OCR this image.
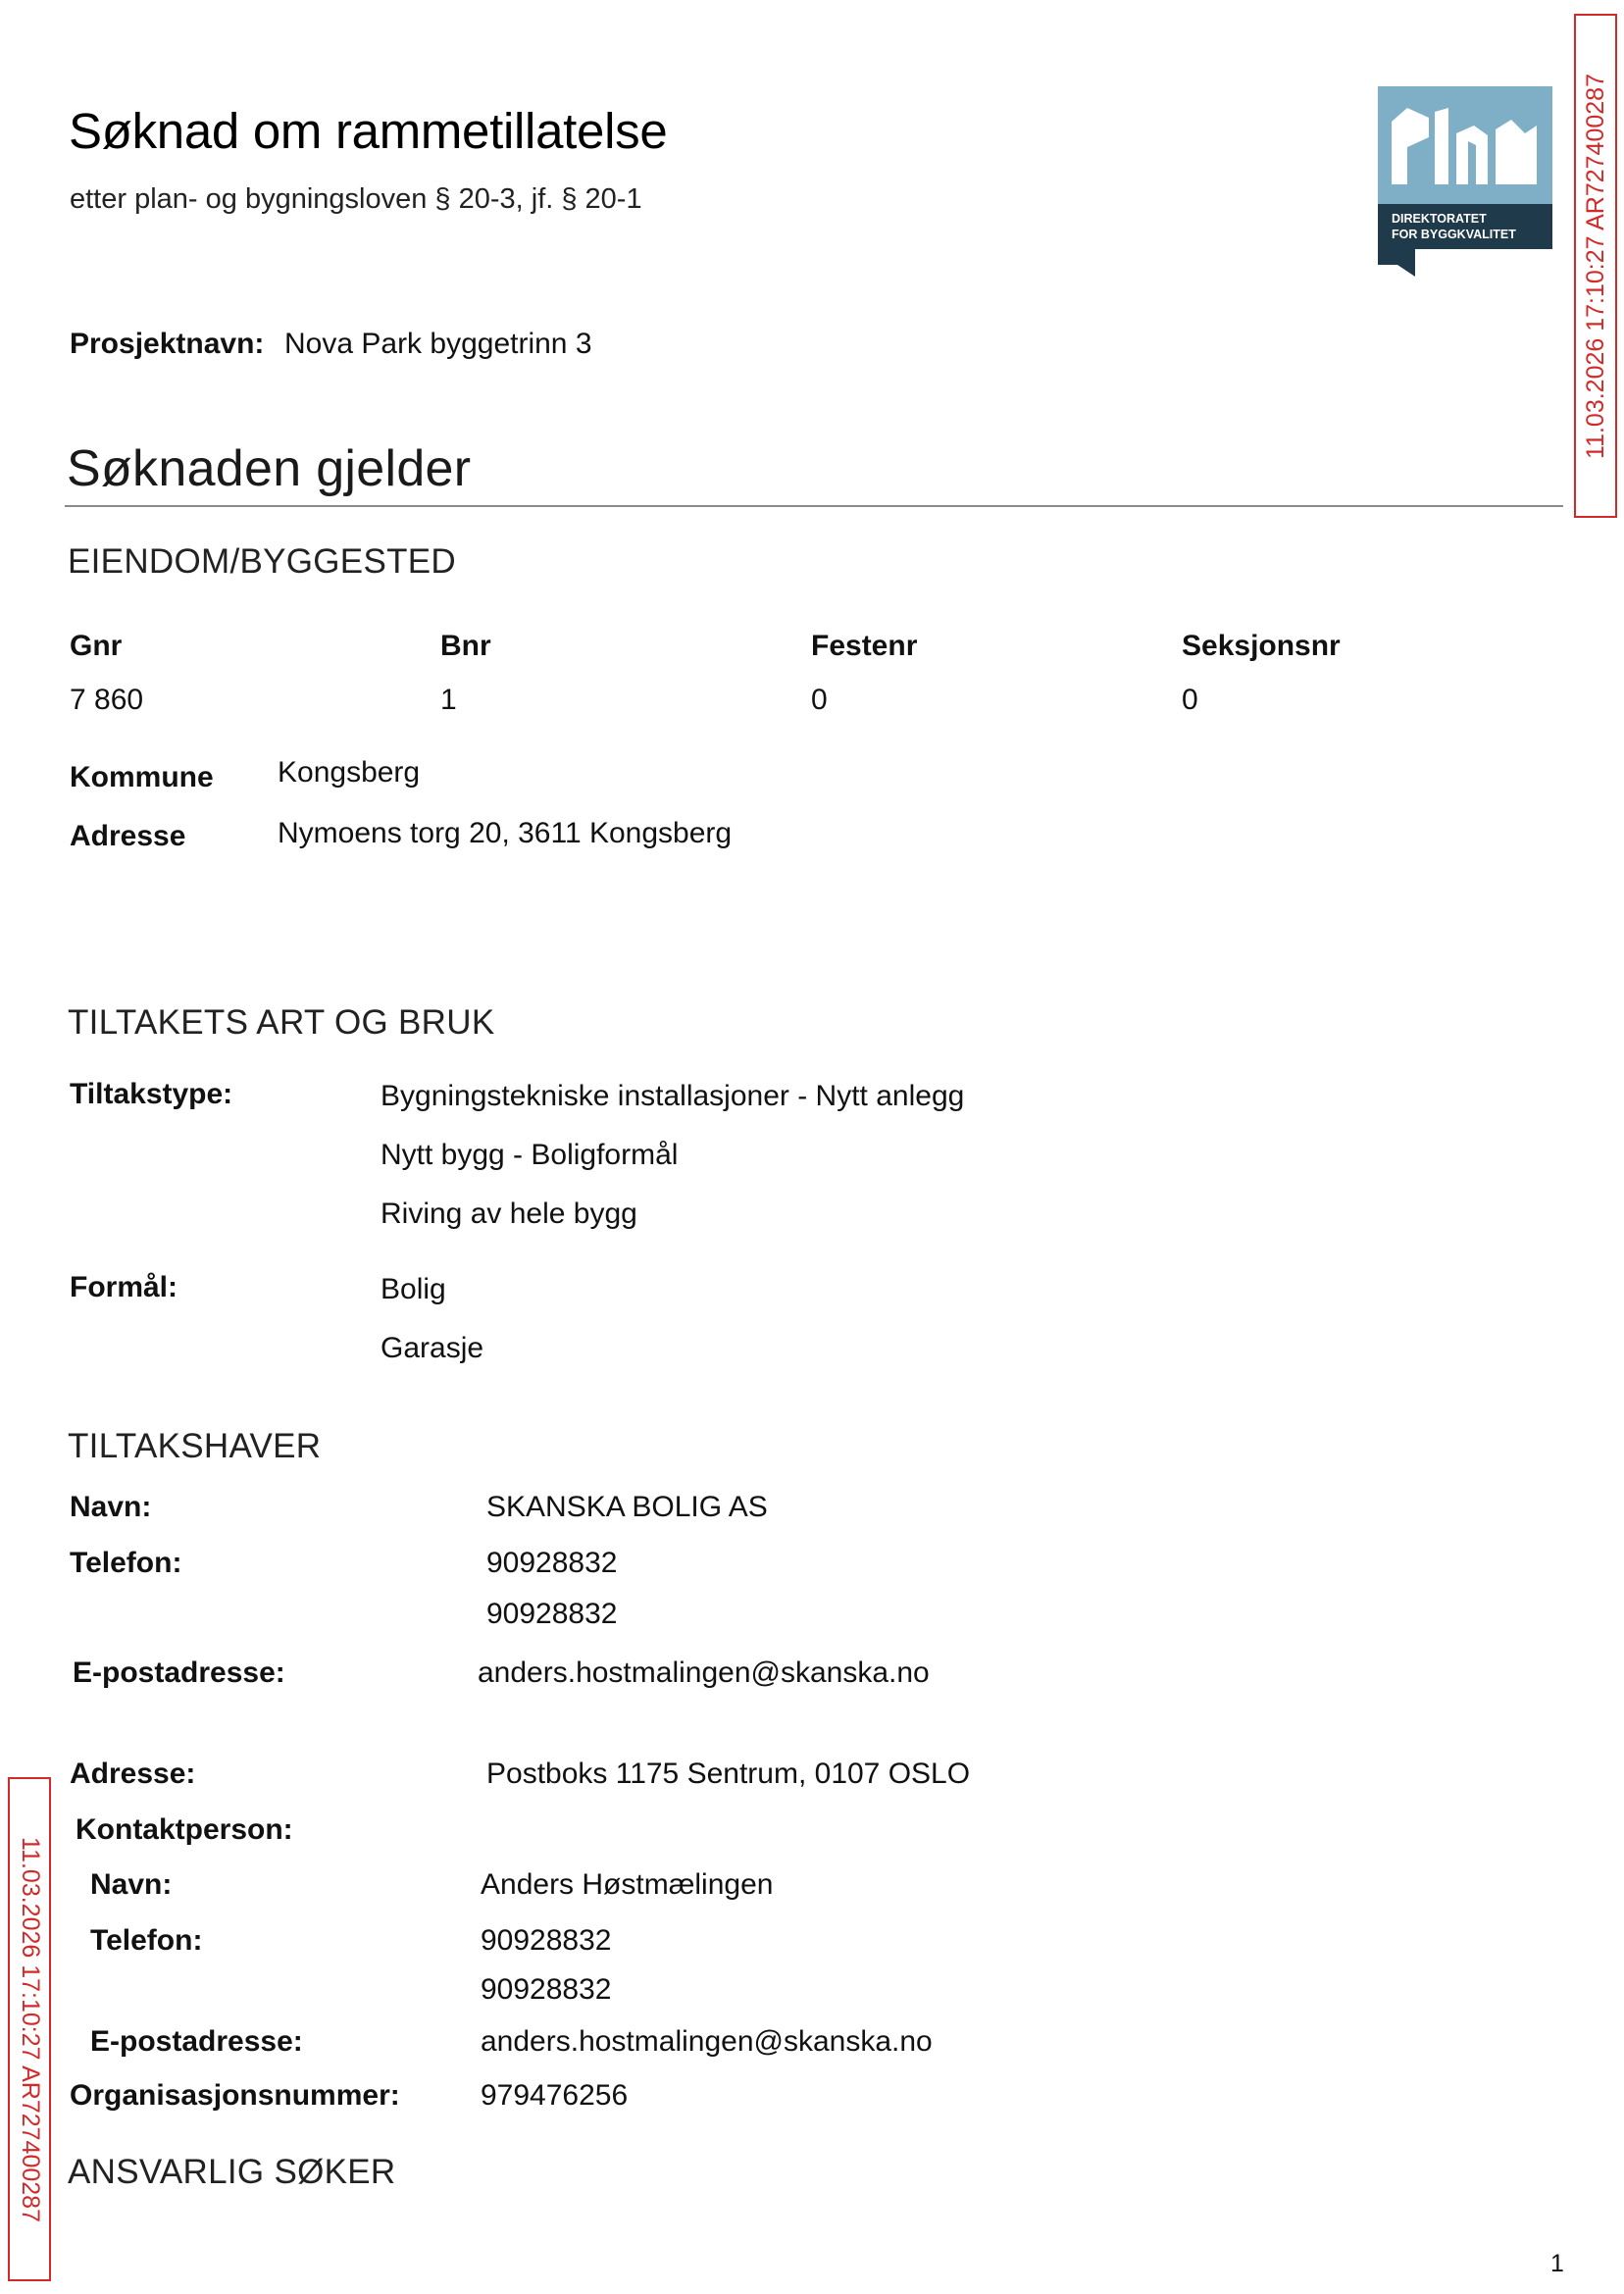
Søknad om rammetillatelse
etter plan- og bygningsloven § 20-3, jf. § 20-1
DIREKTORATET
FOR BYGGKVALITET	11.03.2026 17:10:27 AR727400287
11.03.2026 17:10:27 AR727400287
Prosjektnavn: Nova Park byggetrinn 3
Søknaden gjelder
EIENDOM/BYGGESTED
Gnr	Bnr	Festenr	Seksjonsnr
7 860	1	0	0
Kommune Kongsberg
Adresse	Nymoens torg 20, 3611 Kongsberg
TILTAKETS ART OG BRUK
Tiltakstype:	Bygningstekniske installasjoner - Nytt anlegg
Nytt bygg - Boligformål
Riving av hele bygg
Formål:	Bolig
Garasje
TILTAKSHAVER
Navn:	SKANSKA BOLIG AS
Telefon:	90928832
90928832
E-postadresse:	anders.hostmalingen@skanska.no
Adresse:	Postboks 1175 Sentrum, 0107 OSLO
Kontaktperson:
Navn:	Anders Høstmælingen
Telefon:	90928832
90928832
E-postadresse:	anders.hostmalingen@skanska.no
Organisasjonsnummer:	979476256
ANSVARLIG SØKER
1
